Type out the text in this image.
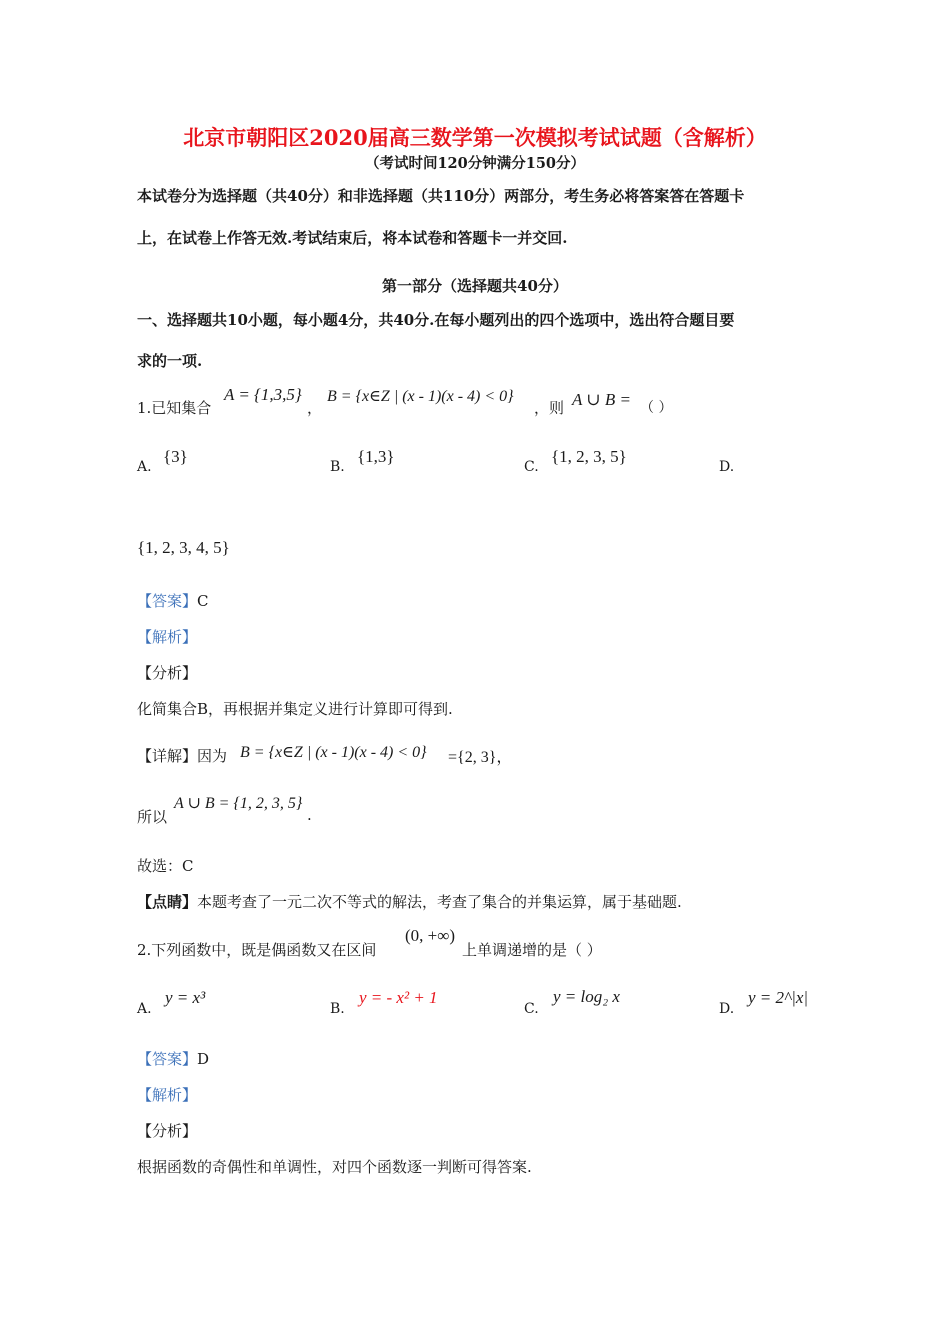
北京市朝阳区2020届高三数学第一次模拟考试试题（含解析）
（考试时间120分钟满分150分）
本试卷分为选择题（共40分）和非选择题（共110分）两部分，考生务必将答案答在答题卡
上，在试卷上作答无效.考试结束后，将本试卷和答题卡一并交回.
第一部分（选择题共40分）
一、选择题共10小题，每小题4分，共40分.在每小题列出的四个选项中，选出符合题目要
求的一项.
1.已知集合
A = {1,3,5}
，
B = {x∈Z | (x - 1)(x - 4) < 0}
，则 A ∪ B = （ ）
A.
{3}
B.
{1,3}
C.
{1, 2, 3, 5}
D.
{1, 2, 3, 4, 5}
【答案】C
【解析】
【分析】
化简集合B，再根据并集定义进行计算即可得到.
【详解】因为 B = {x∈Z | (x - 1)(x - 4) < 0} ={2, 3}，
所以
A ∪ B = {1, 2, 3, 5}
.
故选：C
【点睛】本题考查了一元二次不等式的解法，考查了集合的并集运算，属于基础题.
2.下列函数中，既是偶函数又在区间
(0, +∞)
上单调递增的是（ ）
A.
y = x³
B.
y = - x² + 1
C.
y = log₂ x
D.
y = 2^|x|
【答案】D
【解析】
【分析】
根据函数的奇偶性和单调性，对四个函数逐一判断可得答案.
